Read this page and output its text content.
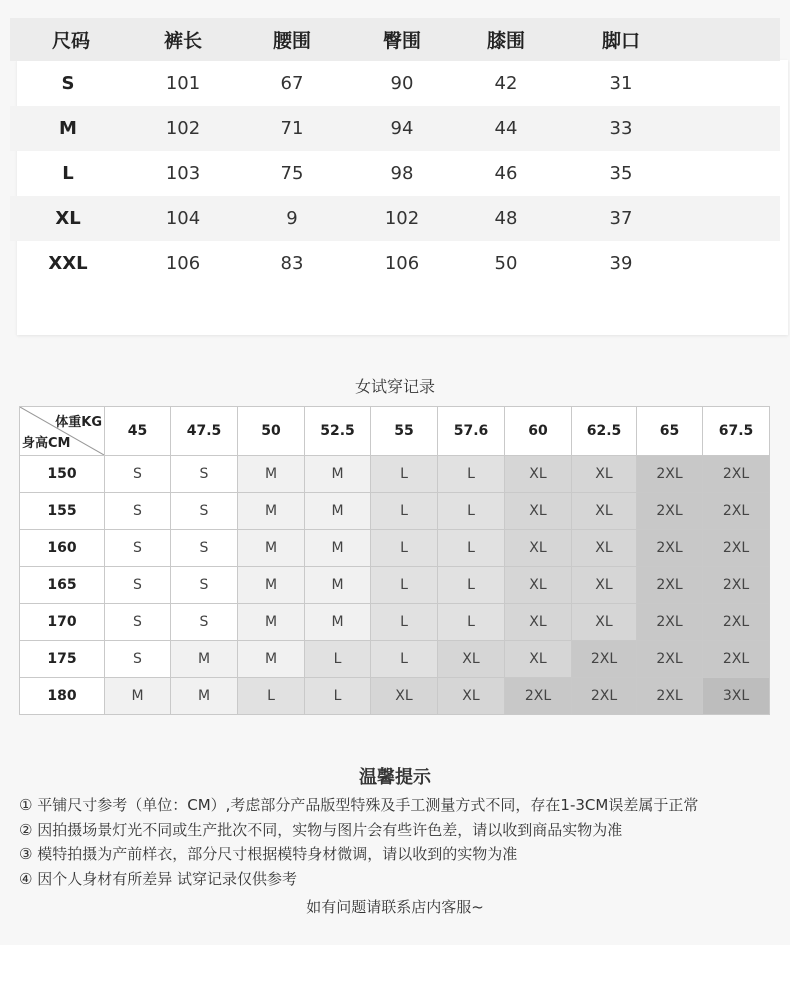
尺码	裤长	腰围	臀围	膝围	脚口
S	101	67	90	42	31
M	102	71	94	44	33
L	103	75	98	46	35
XL	104	9	102	48	37
XXL	106	83	106	50	39
女试穿记录
体重KG
身高CM	45	47.5	50	52.5	55	57.6	60	62.5	65	67.5
150	S	S	M	M	L	L	XL	XL	2XL	2XL
155	S	S	M	M	L	L	XL	XL	2XL	2XL
160	S	S	M	M	L	L	XL	XL	2XL	2XL
165	S	S	M	M	L	L	XL	XL	2XL	2XL
170	S	S	M	M	L	L	XL	XL	2XL	2XL
175	S	M	M	L	L	XL	XL	2XL	2XL	2XL
180	M	M	L	L	XL	XL	2XL	2XL	2XL	3XL
温馨提示
① 平铺尺寸参考（单位：CM）,考虑部分产品版型特殊及手工测量方式不同，存在1-3CM误差属于正常
② 因拍摄场景灯光不同或生产批次不同，实物与图片会有些许色差，请以收到商品实物为准
③ 模特拍摄为产前样衣，部分尺寸根据模特身材微调，请以收到的实物为准
④ 因个人身材有所差异 试穿记录仅供参考
如有问题请联系店内客服~
